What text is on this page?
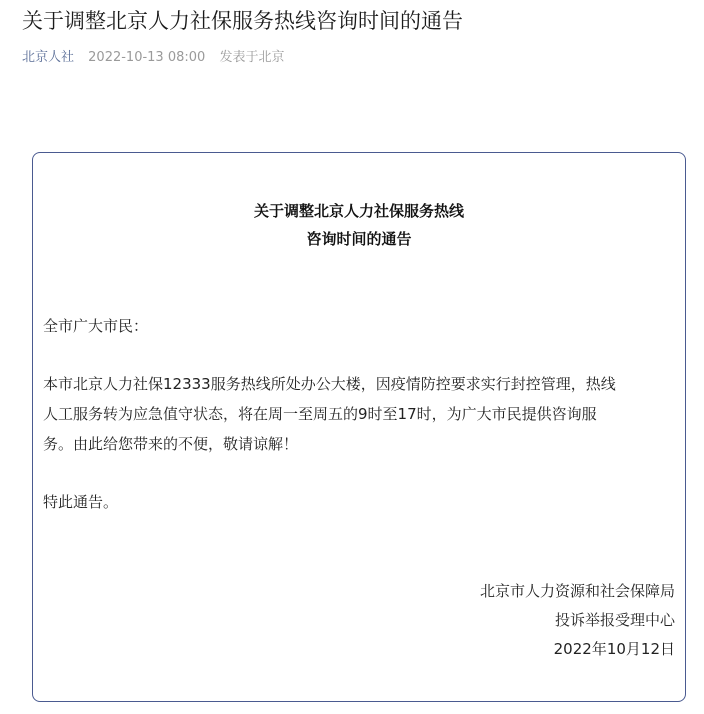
关于调整北京人力社保服务热线咨询时间的通告
北京人社 2022-10-13 08:00 发表于北京
关于调整北京人力社保服务热线
咨询时间的通告
全市广大市民：
本市北京人力社保12333服务热线所处办公大楼，因疫情防控要求实行封控管理，热线
人工服务转为应急值守状态，将在周一至周五的9时至17时，为广大市民提供咨询服
务。由此给您带来的不便，敬请谅解！
特此通告。
北京市人力资源和社会保障局
投诉举报受理中心
2022年10月12日
